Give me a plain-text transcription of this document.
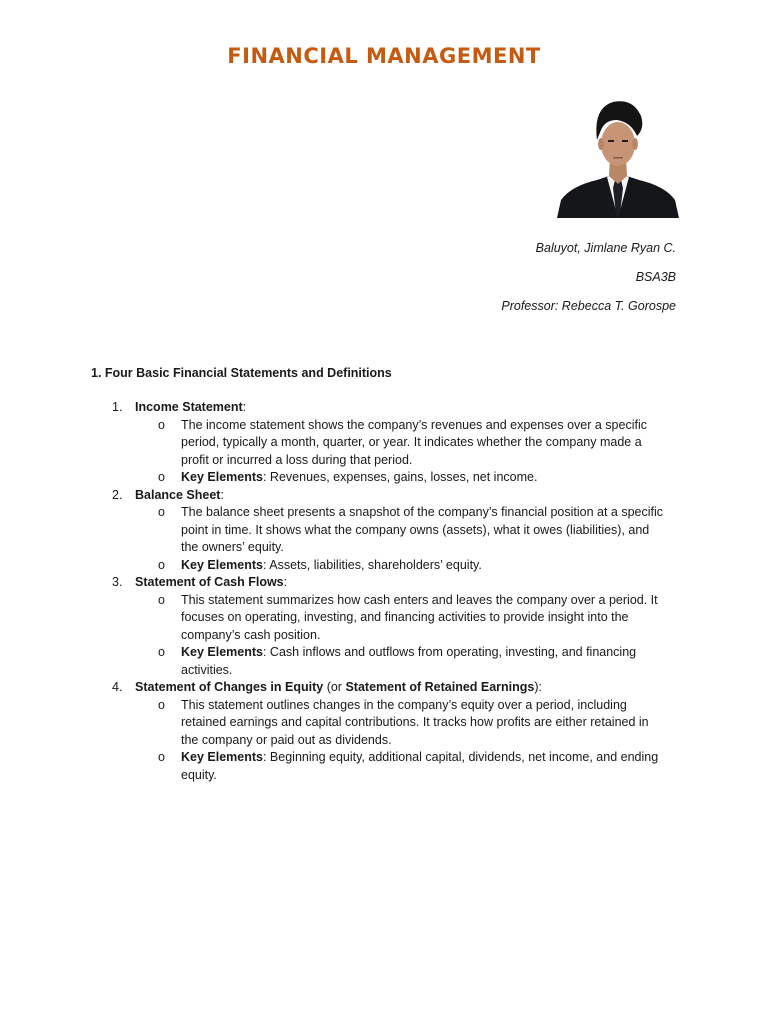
FINANCIAL MANAGEMENT
Baluyot, Jimlane Ryan C.
BSA3B
Professor: Rebecca T. Gorospe
1. Four Basic Financial Statements and Definitions
1. Income Statement:
o The income statement shows the company’s revenues and expenses over a specific period, typically a month, quarter, or year. It indicates whether the company made a profit or incurred a loss during that period.
o Key Elements: Revenues, expenses, gains, losses, net income.
2. Balance Sheet:
o The balance sheet presents a snapshot of the company’s financial position at a specific point in time. It shows what the company owns (assets), what it owes (liabilities), and the owners’ equity.
o Key Elements: Assets, liabilities, shareholders’ equity.
3. Statement of Cash Flows:
o This statement summarizes how cash enters and leaves the company over a period. It focuses on operating, investing, and financing activities to provide insight into the company’s cash position.
o Key Elements: Cash inflows and outflows from operating, investing, and financing activities.
4. Statement of Changes in Equity (or Statement of Retained Earnings):
o This statement outlines changes in the company’s equity over a period, including retained earnings and capital contributions. It tracks how profits are either retained in the company or paid out as dividends.
o Key Elements: Beginning equity, additional capital, dividends, net income, and ending equity.
